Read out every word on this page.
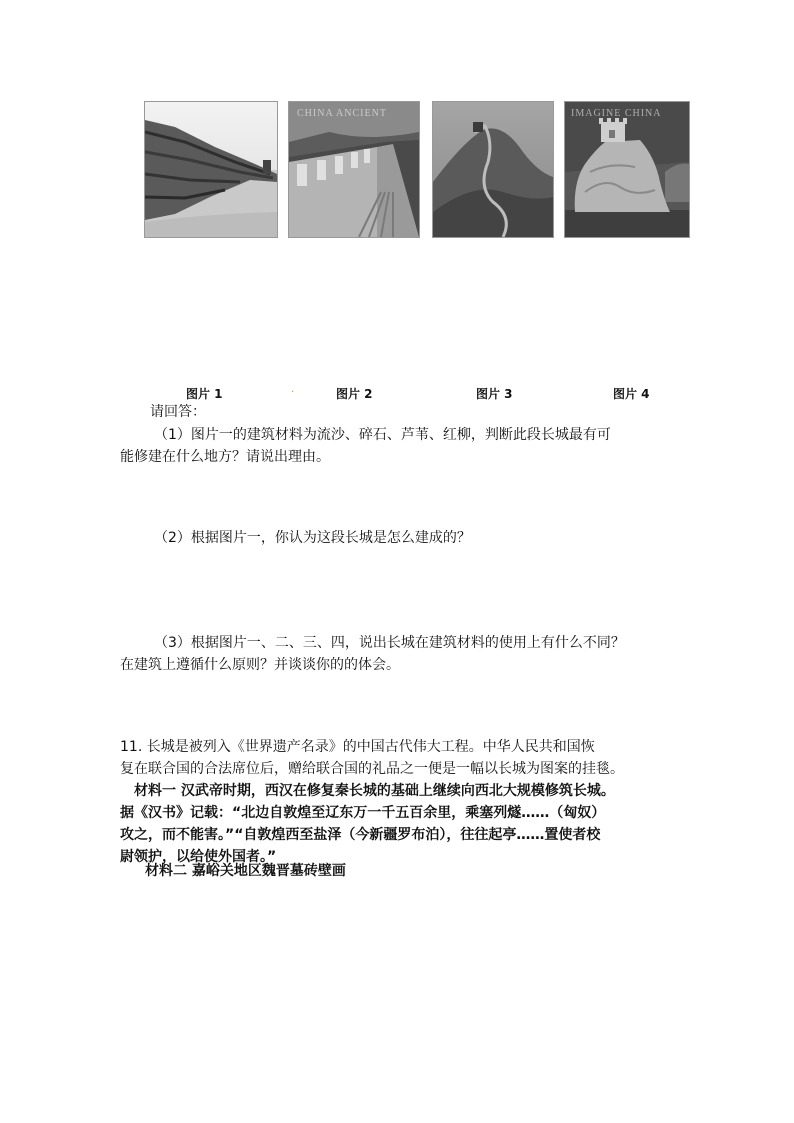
CHINA ANCIENT	IMAGINE CHINA
图片 1	·	图片 2	图片 3	图片 4
请回答：
（1）图片一的建筑材料为流沙、碎石、芦苇、红柳，判断此段长城最有可
能修建在什么地方？请说出理由。
（2）根据图片一，你认为这段长城是怎么建成的？
（3）根据图片一、二、三、四，说出长城在建筑材料的使用上有什么不同？
在建筑上遵循什么原则？并谈谈你的的体会。
11. 长城是被列入《世界遗产名录》的中国古代伟大工程。中华人民共和国恢
复在联合国的合法席位后，赠给联合国的礼品之一便是一幅以长城为图案的挂毯。
材料一 汉武帝时期，西汉在修复秦长城的基础上继续向西北大规模修筑长城。
据《汉书》记载：“北边自敦煌至辽东万一千五百余里，乘塞列燧……（匈奴）
攻之，而不能害。”“自敦煌西至盐泽（今新疆罗布泊），往往起亭……置使者校
尉领护，以给使外国者。”
材料二 嘉峪关地区魏晋墓砖壁画
